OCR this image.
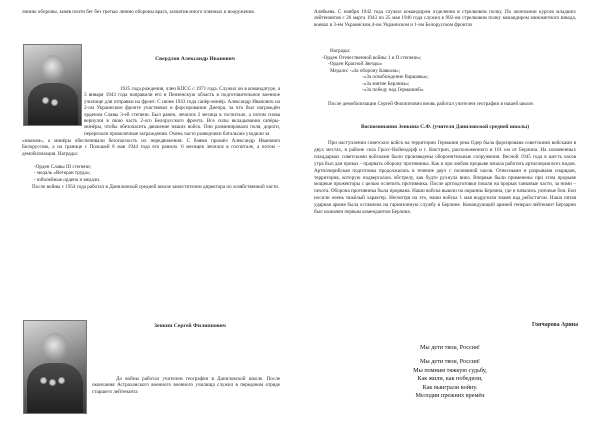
линию обороны, заняв почти бег без третью линию обороны врага, захватив много пленных и вооружения.

Свердлов Александр Иванович

1925 года рождения, член КПСС с 1971 года. Служил он в командатуре, а 3 января 1943 года направили его в Пензенскую область в подготовительное военное училище для отправки на фронт. С июня 1943 года сапёр-минёр. Александр Иванович на 2-ом Украинском фронте участвовал в форсировании Днепра, за что был награждён орденом Славы 3-ей степени. Был ранен, лечился 2 месяца в госпитале, а потом снова вернулся в свою часть 2-ого Белорусского фронта. Все силы вкладывания сапёры-минёры, чтобы обезопасить движение наших войск. Они разминировали поля, дороги, перерезали проволочные заграждения. Очень часто разведчики батальона уходили за

«языком», а минёры обеспечивали безопасность их передвижения. С боями прошёл Александр Иванович Белоруссию, а на границе с Польшей 8 мая 1944 года его ранило. 6 месяцев лечился в госпитале, а потом – демобилизация. Награды:

-Орден Славы III степени;
- медаль «Ветеран труда»;
- юбилейные ордена и медали.

После войны с 1954 года работал в Даниловской средней школе заместителем директора по хозяйственной части.

Зенкин Сергей Филиппович

До войны работал учителем географии в Даниловской школе. После окончания Астраханского военного военного училища служил в передовом отряде старшего лейтенанта

Алябьева. С ноября 1942 года служил командиром отделения в стрелковом полку. По окончании курсов младших лейтенантов с 26 марта 1943 по 25 мая 1946 года служил в 902-ом стрелковом полку командиром минометного взвода, воевал в 3-ем Украинском,4-ом Украинском и 1-ом Белорусском фронтах

Награды:

-Орден Отечественной войны 1 и II степени»;
-Орден Красной Звезды»
Медали: -«За оборону Кавказа»;
-«За освобождение Варшавы»;
-«За взятие Берлина»;
-«За победу над Германией».

После демобилизации Сергей Филиппович вновь работал учителем географии в нашей школе.

Воспоминания Зенкина С.Ф. (учителя Даниловской средней школы)

При наступлении советских войск на территории Германии река Одер была форсирована советскими войсками в двух местах, в районе села Гросс-Нойендорф и г. Кюстрин, расположенного в 101 км от Берлина. На захваченных плацдармах советскими войсками были произведены оборонительные сооружения. Весной 1945 года в шесть часов утра был дан приказ – прорвать оборону противника. Как и при любом прорыве начала работать артиллерия всех видов. Артиллерийская подготовка продолжалась в течение двух с половиной часов. Отвесными и разрывами снарядов, территория, которую подвергалась обстрелу, как будто рухнула вниз. Впервые были применены при этом прорыве мощные прожекторы с целью ослепить противника. После артподготовки пошли на прорыв танковые части, за ними – пехота. Оборона противника была прорвана. Наши войска вышли на окраины Берлина, где и начались уличные бои. Бои носили очень тяжёлый характер. Несмотря на это, наши войска 1 мая водрузили знамя над рейхстагом. Наша пятая ударная армия была оставлена на гарнизонную службу в Берлине. Командующий армией генерал-лейтенант Берзарин был назначен первым комендантом Берлина.

Гончарова Арина

Мы дети твои, Россия!

Мы дети твои, Россия!
Мы помним тяжкую судьбу,
Как жили, как победили,
Как выиграли войну.
Мелодии прежних времён
